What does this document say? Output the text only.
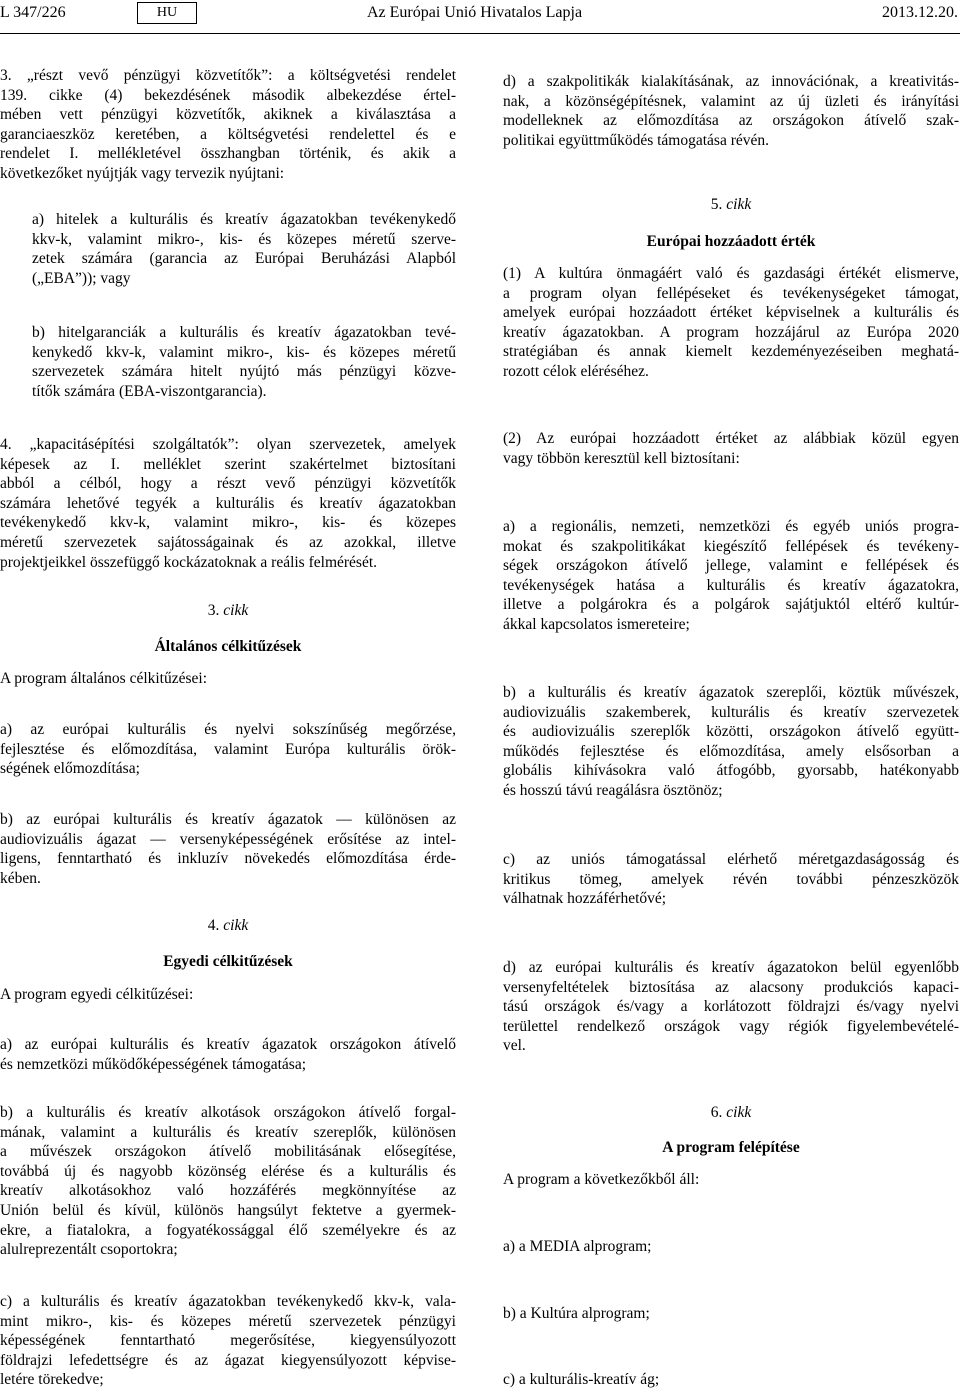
L 347/226	HU	Az Európai Unió Hivatalos Lapja	2013.12.20.
3. „részt vevő pénzügyi közvetítők”: a költségvetési rendelet
139. cikke (4) bekezdésének második albekezdése értel-
mében vett pénzügyi közvetítők, akiknek a kiválasztása a
garanciaeszköz keretében, a költségvetési rendelettel és e
rendelet I. mellékletével összhangban történik, és akik a
következőket nyújtják vagy tervezik nyújtani:
a) hitelek a kulturális és kreatív ágazatokban tevékenykedő
kkv-k, valamint mikro-, kis- és közepes méretű szerve-
zetek számára (garancia az Európai Beruházási Alapból
(„EBA”)); vagy
b) hitelgaranciák a kulturális és kreatív ágazatokban tevé-
kenykedő kkv-k, valamint mikro-, kis- és közepes méretű
szervezetek számára hitelt nyújtó más pénzügyi közve-
títők számára (EBA-viszontgarancia).
4. „kapacitásépítési szolgáltatók”: olyan szervezetek, amelyek
képesek az I. melléklet szerint szakértelmet biztosítani
abból a célból, hogy a részt vevő pénzügyi közvetítők
számára lehetővé tegyék a kulturális és kreatív ágazatokban
tevékenykedő kkv-k, valamint mikro-, kis- és közepes
méretű szervezetek sajátosságainak és az azokkal, illetve
projektjeikkel összefüggő kockázatoknak a reális felmérését.
3. cikk
Általános célkitűzések
A program általános célkitűzései:
a) az európai kulturális és nyelvi sokszínűség megőrzése,
fejlesztése és előmozdítása, valamint Európa kulturális örök-
ségének előmozdítása;
b) az európai kulturális és kreatív ágazatok — különösen az
audiovizuális ágazat — versenyképességének erősítése az intel-
ligens, fenntartható és inkluzív növekedés előmozdítása érde-
kében.
4. cikk
Egyedi célkitűzések
A program egyedi célkitűzései:
a) az európai kulturális és kreatív ágazatok országokon átívelő
és nemzetközi működőképességének támogatása;
b) a kulturális és kreatív alkotások országokon átívelő forgal-
mának, valamint a kulturális és kreatív szereplők, különösen
a művészek országokon átívelő mobilitásának elősegítése,
továbbá új és nagyobb közönség elérése és a kulturális és
kreatív alkotásokhoz való hozzáférés megkönnyítése az
Unión belül és kívül, különös hangsúlyt fektetve a gyermek-
ekre, a fiatalokra, a fogyatékossággal élő személyekre és az
alulreprezentált csoportokra;
c) a kulturális és kreatív ágazatokban tevékenykedő kkv-k, vala-
mint mikro-, kis- és közepes méretű szervezetek pénzügyi
képességének fenntartható megerősítése, kiegyensúlyozott
földrajzi lefedettségre és az ágazat kiegyensúlyozott képvise-
letére törekedve;
d) a szakpolitikák kialakításának, az innovációnak, a kreativitás-
nak, a közönségépítésnek, valamint az új üzleti és irányítási
modelleknek az előmozdítása az országokon átívelő szak-
politikai együttműködés támogatása révén.
5. cikk
Európai hozzáadott érték
(1) A kultúra önmagáért való és gazdasági értékét elismerve,
a program olyan fellépéseket és tevékenységeket támogat,
amelyek európai hozzáadott értéket képviselnek a kulturális és
kreatív ágazatokban. A program hozzájárul az Európa 2020
stratégiában és annak kiemelt kezdeményezéseiben meghatá-
rozott célok eléréséhez.
(2) Az európai hozzáadott értéket az alábbiak közül egyen
vagy többön keresztül kell biztosítani:
a) a regionális, nemzeti, nemzetközi és egyéb uniós progra-
mokat és szakpolitikákat kiegészítő fellépések és tevékeny-
ségek országokon átívelő jellege, valamint e fellépések és
tevékenységek hatása a kulturális és kreatív ágazatokra,
illetve a polgárokra és a polgárok sajátjuktól eltérő kultúr-
ákkal kapcsolatos ismereteire;
b) a kulturális és kreatív ágazatok szereplői, köztük művészek,
audiovizuális szakemberek, kulturális és kreatív szervezetek
és audiovizuális szereplők közötti, országokon átívelő együtt-
működés fejlesztése és előmozdítása, amely elsősorban a
globális kihívásokra való átfogóbb, gyorsabb, hatékonyabb
és hosszú távú reagálásra ösztönöz;
c) az uniós támogatással elérhető méretgazdaságosság és
kritikus tömeg, amelyek révén további pénzeszközök
válhatnak hozzáférhetővé;
d) az európai kulturális és kreatív ágazatokon belül egyenlőbb
versenyfeltételek biztosítása az alacsony produkciós kapaci-
tású országok és/vagy a korlátozott földrajzi és/vagy nyelvi
területtel rendelkező országok vagy régiók figyelembevételé-
vel.
6. cikk
A program felépítése
A program a következőkből áll:
a) a MEDIA alprogram;
b) a Kultúra alprogram;
c) a kulturális-kreatív ág;
